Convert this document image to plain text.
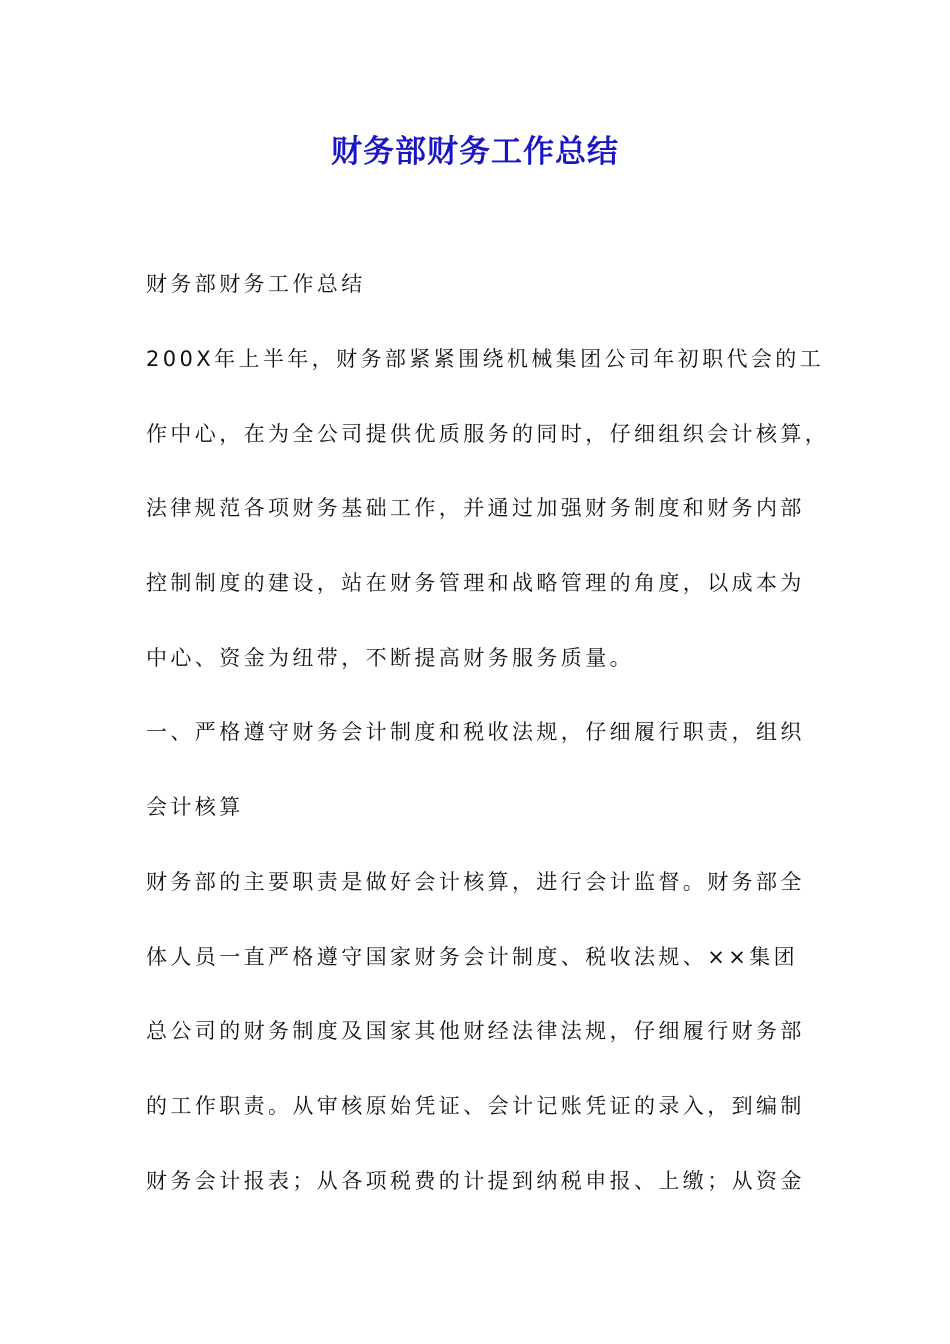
财务部财务工作总结
财务部财务工作总结
200X年上半年，财务部紧紧围绕机械集团公司年初职代会的工
作中心，在为全公司提供优质服务的同时，仔细组织会计核算，
法律规范各项财务基础工作，并通过加强财务制度和财务内部
控制制度的建设，站在财务管理和战略管理的角度，以成本为
中心、资金为纽带，不断提高财务服务质量。
一、严格遵守财务会计制度和税收法规，仔细履行职责，组织
会计核算
财务部的主要职责是做好会计核算，进行会计监督。财务部全
体人员一直严格遵守国家财务会计制度、税收法规、××集团
总公司的财务制度及国家其他财经法律法规，仔细履行财务部
的工作职责。从审核原始凭证、会计记账凭证的录入，到编制
财务会计报表；从各项税费的计提到纳税申报、上缴；从资金
